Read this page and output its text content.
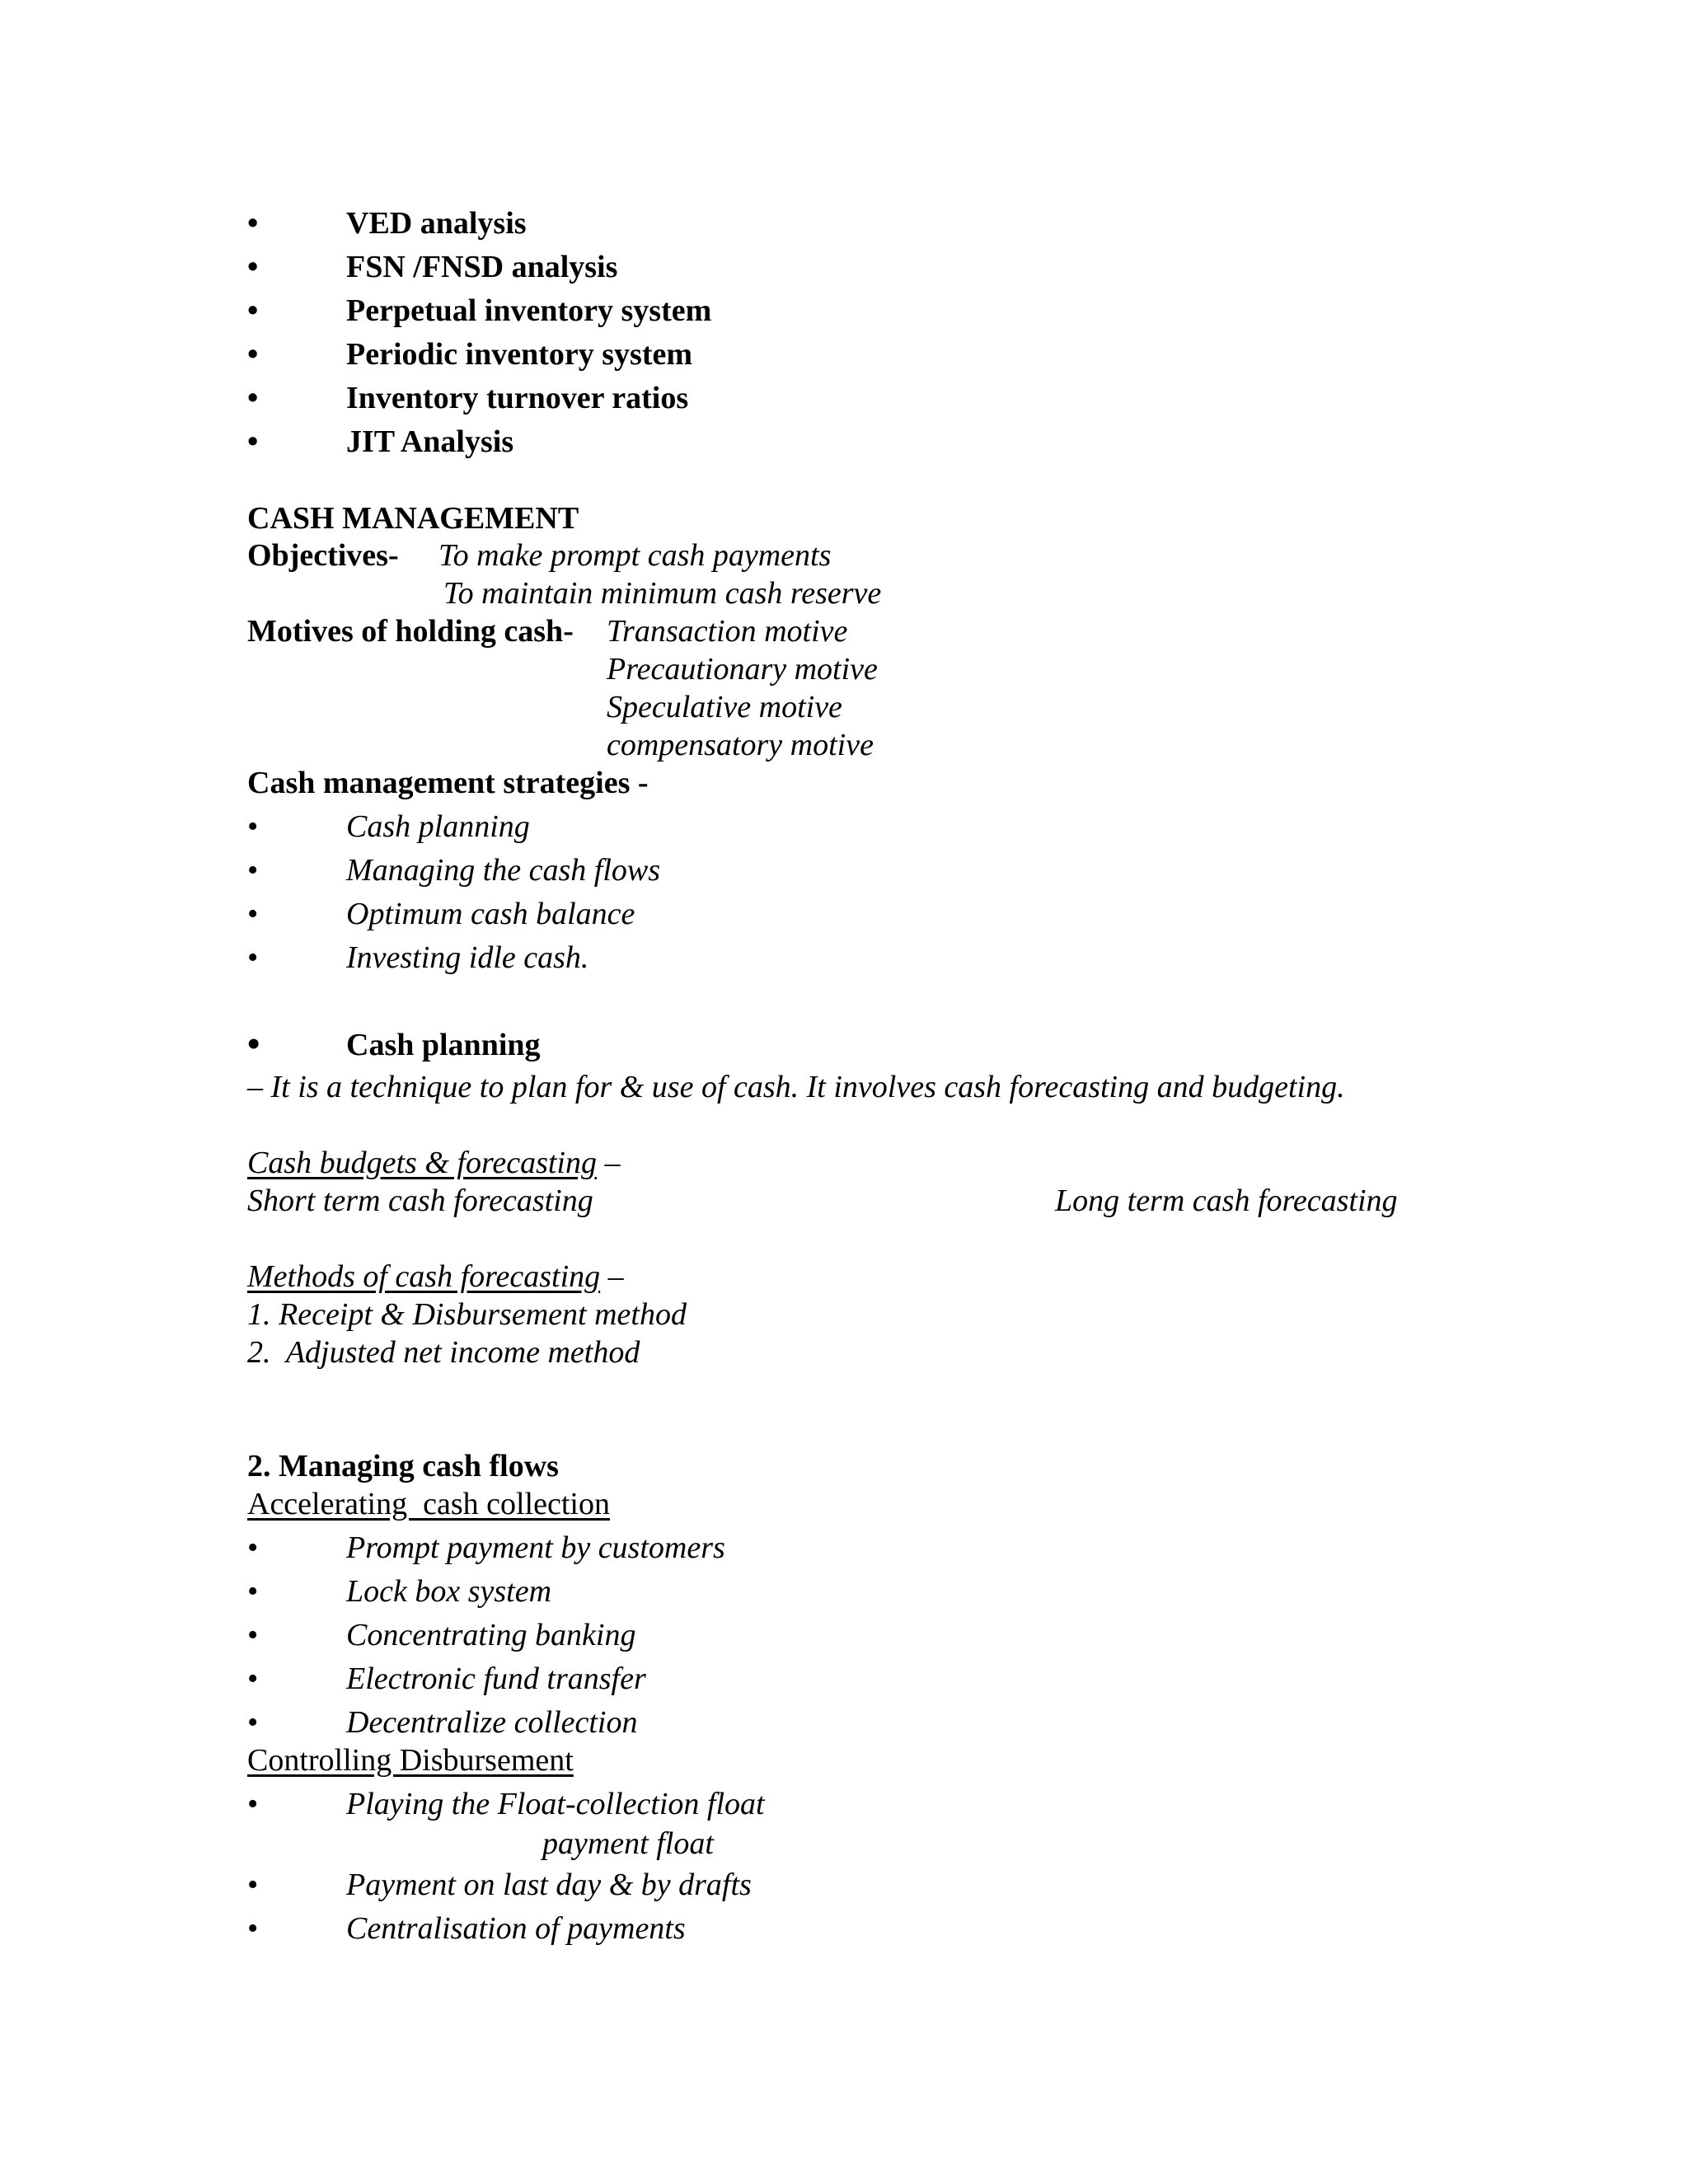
•	VED analysis
•	FSN /FNSD analysis
•	Perpetual inventory system
•	Periodic inventory system
•	Inventory turnover ratios
•	JIT Analysis
CASH MANAGEMENT
Objectives- To make prompt cash payments
To maintain minimum cash reserve
Motives of holding cash- Transaction motive
Precautionary motive
Speculative motive
compensatory motive
Cash management strategies -
•	Cash planning
•	Managing the cash flows
•	Optimum cash balance
•	Investing idle cash.
•	Cash planning
– It is a technique to plan for & use of cash. It involves cash forecasting and budgeting.
Cash budgets & forecasting –
Short term cash forecasting	Long term cash forecasting
Methods of cash forecasting –
1. Receipt & Disbursement method
2.  Adjusted net income method
2. Managing cash flows
Accelerating  cash collection
•	Prompt payment by customers
•	Lock box system
•	Concentrating banking
•	Electronic fund transfer
•	Decentralize collection
Controlling Disbursement
•	Playing the Float-collection float
payment float
•	Payment on last day & by drafts
•	Centralisation of payments
